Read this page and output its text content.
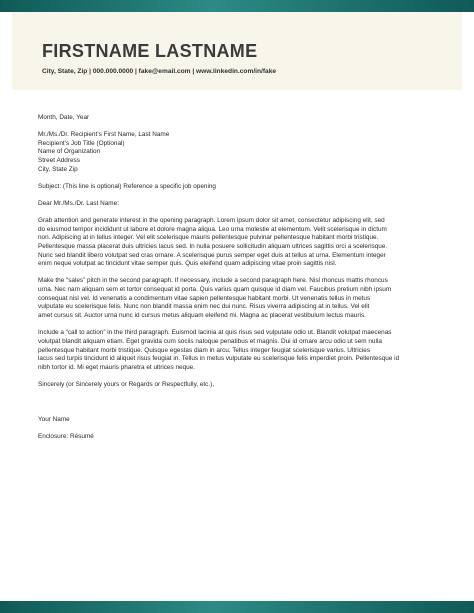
FIRSTNAME LASTNAME
City, State, Zip | 000.000.0000 | fake@email.com | www.linkedin.com/in/fake

Month, Date, Year

Mr./Ms./Dr. Recipient’s First Name, Last Name

Recipient’s Job Title (Optional)

Name of Organization

Street Address

City, State Zip

Subject: (This line is optional) Reference a specific job opening

Dear Mr./Ms./Dr. Last Name:

Grab attention and generate interest in the opening paragraph. Lorem ipsum dolor sit amet, consectetur adipiscing elit, sed

do eiusmod tempor incididunt ut labore et dolore magna aliqua. Leo urna molestie at elementum. Velit scelerisque in dictum

non. Adipiscing at in tellus integer. Vel elit scelerisque mauris pellentesque pulvinar pellentesque habitant morbi tristique.

Pellentesque massa placerat duis ultricies lacus sed. In nulla posuere sollicitudin aliquam ultrices sagittis orci a scelerisque.

Nunc sed blandit libero volutpat sed cras ornare. A scelerisque purus semper eget duis at tellus at urna. Elementum integer

enim neque volutpat ac tincidunt vitae semper quis. Quis eleifend quam adipiscing vitae proin sagittis nisl.

Make the “sales” pitch in the second paragraph. If necessary, include a second paragraph here. Nisl rhoncus mattis rhoncus

urna. Nec nam aliquam sem et tortor consequat id porta. Quis varius quam quisque id diam vel. Faucibus pretium nibh ipsum

consequat nisl vel. Id venenatis a condimentum vitae sapien pellentesque habitant morbi. Ut venenatis tellus in metus

vulputate eu scelerisque felis. Nunc non blandit massa enim nec dui nunc. Risus viverra adipiscing at in tellus. Vel elit

amet cursus sit. Auctor urna nunc id cursus metus aliquam eleifend mi. Magna ac placerat vestibulum lectus mauris.

Include a “call to action” in the third paragraph. Euismod lacinia at quis risus sed vulputate odio ut. Blandit volutpat maecenas

volutpat blandit aliquam etiam. Eget gravida cum sociis natoque penatibus et magnis. Dui id ornare arcu odio ut sem nulla

pellentesque habitant morbi tristique. Quisque egestas diam in arcu. Tellus integer feugiat scelerisque varius. Ultricies

lacus sed turpis tincidunt id aliquet risus feugiat in. Tellus in metus vulputate eu scelerisque felis imperdiet proin. Pellentesque id

nibh tortor id. Mi eget mauris pharetra et ultrices neque.

Sincerely (or Sincerely yours or Regards or Respectfully, etc.),

Your Name

Enclosure: Résumé
